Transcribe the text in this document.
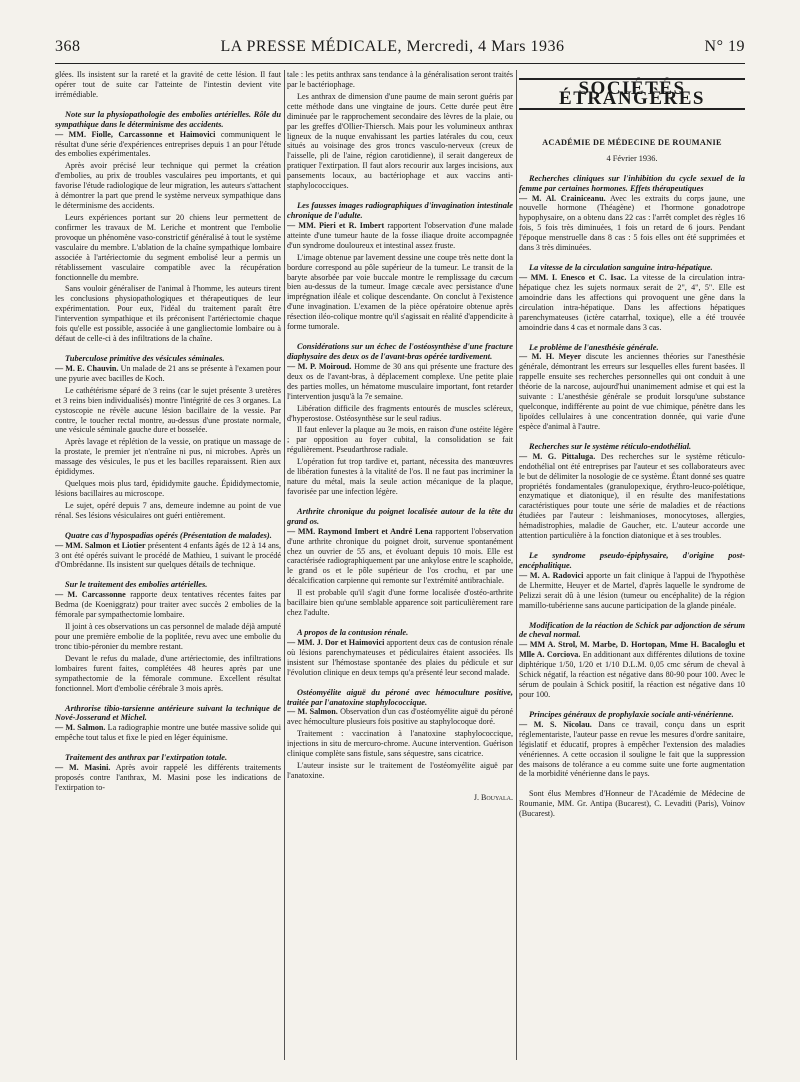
368	LA PRESSE MÉDICALE, Mercredi, 4 Mars 1936	N° 19

glées. Ils insistent sur la rareté et la gravité de cette lésion. Il faut opérer tout de suite car l'atteinte de l'intestin devient vite irrémédiable.

Note sur la physiopathologie des embolies artérielles. Rôle du sympathique dans le déterminisme des accidents.

— MM. Fiolle, Carcassonne et Haimovici communiquent le résultat d'une série d'expériences entreprises depuis 1 an pour l'étude des embolies expérimentales.

Après avoir précisé leur technique qui permet la création d'embolies, au prix de troubles vasculaires peu importants, et qui favorise l'étude radiologique de leur migration, les auteurs s'attachent à démontrer la part que prend le système nerveux sympathique dans le déterminisme des accidents.

Leurs expériences portant sur 20 chiens leur permettent de confirmer les travaux de M. Leriche et montrent que l'embolie provoque un phénomène vaso-constrictif généralisé à tout le système vasculaire du membre. L'ablation de la chaîne sympathique lombaire associée à l'artériectomie du segment embolisé leur a permis un rétablissement vasculaire compatible avec la récupération fonctionnelle du membre.

Sans vouloir généraliser de l'animal à l'homme, les auteurs tirent les conclusions physiopathologiques et thérapeutiques de leur expérimentation. Pour eux, l'idéal du traitement paraît être l'intervention sympathique et ils préconisent l'artériectomie chaque fois qu'elle est possible, associée à une gangliectomie lombaire ou à défaut de celle-ci à des infiltrations de la chaîne.

Tuberculose primitive des vésicules séminales.

— M. E. Chauvin. Un malade de 21 ans se présente à l'examen pour une pyurie avec bacilles de Koch.

Le cathétérisme séparé de 3 reins (car le sujet présente 3 uretères et 3 reins bien individualisés) montre l'intégrité de ces 3 organes. La cystoscopie ne révèle aucune lésion bacillaire de la vessie. Par contre, le toucher rectal montre, au-dessus d'une prostate normale, une vésicule séminale gauche dure et bosselée.

Après lavage et réplétion de la vessie, on pratique un massage de la prostate, le premier jet n'entraîne ni pus, ni microbes. Après un massage des vésicules, le pus et les bacilles reparaissent. Rien aux épididymes.

Quelques mois plus tard, épididymite gauche. Épididymectomie, lésions bacillaires au microscope.

Le sujet, opéré depuis 7 ans, demeure indemne au point de vue rénal. Ses lésions vésiculaires ont guéri entièrement.

Quatre cas d'hypospadias opérés (Présentation de malades).

— MM. Salmon et Liotier présentent 4 enfants âgés de 12 à 14 ans, 3 ont été opérés suivant le procédé de Mathieu, 1 suivant le procédé d'Ombrédanne. Ils insistent sur quelques détails de technique.

Sur le traitement des embolies artérielles.

— M. Carcassonne rapporte deux tentatives récentes faites par Bedrna (de Koeniggratz) pour traiter avec succès 2 embolies de la fémorale par sympathectomie lombaire.

Il joint à ces observations un cas personnel de malade déjà amputé pour une première embolie de la poplitée, revu avec une embolie du tronc tibio-péronier du membre restant.

Devant le refus du malade, d'une artériectomie, des infiltrations lombaires furent faites, complétées 48 heures après par une sympathectomie de la fémorale commune. Excellent résultat fonctionnel. Mort d'embolie cérébrale 3 mois après.

Arthrorise tibio-tarsienne antérieure suivant la technique de Nové-Josserand et Michel.

— M. Salmon. La radiographie montre une butée massive solide qui empêche tout talus et fixe le pied en léger équinisme.

Traitement des anthrax par l'extirpation totale.

— M. Masini. Après avoir rappelé les différents traitements proposés contre l'anthrax, M. Masini pose les indications de l'extirpation to-

tale : les petits anthrax sans tendance à la généralisation seront traités par le bactériophage.

Les anthrax de dimension d'une paume de main seront guéris par cette méthode dans une vingtaine de jours. Cette durée peut être diminuée par le rapprochement secondaire des lèvres de la plaie, ou par les greffes d'Ollier-Thiersch. Mais pour les volumineux anthrax ligneux de la nuque envahissant les parties latérales du cou, ceux situés au voisinage des gros troncs vasculo-nerveux (creux de l'aisselle, pli de l'aine, région carotidienne), il serait dangereux de pratiquer l'extirpation. Il faut alors recourir aux larges incisions, aux pansements locaux, au bactériophage et aux vaccins anti-staphylococciques.

Les fausses images radiographiques d'invagination intestinale chronique de l'adulte.

— MM. Pieri et R. Imbert rapportent l'observation d'une malade atteinte d'une tumeur haute de la fosse iliaque droite accompagnée d'un syndrome douloureux et intestinal assez fruste.

L'image obtenue par lavement dessine une coupe très nette dont la bordure correspond au pôle supérieur de la tumeur. Le transit de la baryte absorbée par voie buccale montre le remplissage du cæcum bien au-dessus de la tumeur. Image cæcale avec persistance d'une imprégnation iléale et colique descendante. On conclut à l'existence d'une invagination. L'examen de la pièce opératoire obtenue après résection iléo-colique montre qu'il s'agissait en réalité d'appendicite à forme tumorale.

Considérations sur un échec de l'ostéosynthèse d'une fracture diaphysaire des deux os de l'avant-bras opérée tardivement.

— M. P. Moiroud. Homme de 30 ans qui présente une fracture des deux os de l'avant-bras, à déplacement complexe. Une petite plaie des parties molles, un hématome musculaire important, font retarder l'intervention jusqu'à la 7e semaine.

Libération difficile des fragments entourés de muscles scléreux, d'hyperostose. Ostéosynthèse sur le seul radius.

Il faut enlever la plaque au 3e mois, en raison d'une ostéite légère ; par opposition au foyer cubital, la consolidation se fait régulièrement. Pseudarthrose radiale.

L'opération fut trop tardive et, partant, nécessita des manœuvres de libération funestes à la vitalité de l'os. Il ne faut pas incriminer la nature du métal, mais la seule action mécanique de la plaque, favorisée par une infection légère.

Arthrite chronique du poignet localisée autour de la tête du grand os.

— MM. Raymond Imbert et André Lena rapportent l'observation d'une arthrite chronique du poignet droit, survenue spontanément chez un ouvrier de 55 ans, et évoluant depuis 10 mois. Elle est caractérisée radiographiquement par une ankylose entre le scaphoïde, le grand os et le pôle supérieur de l'os crochu, et par une décalcification carpienne qui remonte sur l'extrémité antibrachiale.

Il est probable qu'il s'agit d'une forme localisée d'ostéo-arthrite bacillaire bien qu'une semblable apparence soit particulièrement rare chez l'adulte.

A propos de la contusion rénale.

— MM. J. Dor et Haimovici apportent deux cas de contusion rénale où lésions parenchymateuses et pédiculaires étaient associées. Ils insistent sur l'hémostase spontanée des plaies du pédicule et sur l'évolution clinique en deux temps qu'a présenté leur second malade.

Ostéomyélite aiguë du péroné avec hémoculture positive, traitée par l'anatoxine staphylococcique.

— M. Salmon. Observation d'un cas d'ostéomyélite aiguë du péroné avec hémoculture plusieurs fois positive au staphylocoque doré.

Traitement : vaccination à l'anatoxine staphylococcique, injections in situ de mercuro-chrome. Aucune intervention. Guérison clinique complète sans fistule, sans séquestre, sans cicatrice.

L'auteur insiste sur le traitement de l'ostéomyélite aiguë par l'anatoxine.

J. Bouyala.
SOCIÉTÉS ÉTRANGÈRES
ACADÉMIE DE MÉDECINE DE ROUMANIE
4 Février 1936.
Recherches cliniques sur l'inhibition du cycle sexuel de la femme par certaines hormones. Effets thérapeutiques

— M. Al. Crainiceanu. Avec les extraits du corps jaune, une nouvelle hormone (Théagène) et l'hormone gonadotrope hypophysaire, on a obtenu dans 22 cas : l'arrêt complet des règles 16 fois, 5 fois très diminuées, 1 fois un retard de 6 jours. Pendant l'époque menstruelle dans 8 cas : 5 fois elles ont été supprimées et dans 3 très diminuées.

La vitesse de la circulation sanguine intra-hépatique.

— MM. I. Enesco et C. Isac. La vitesse de la circulation intra-hépatique chez les sujets normaux serait de 2", 4", 5". Elle est amoindrie dans les affections qui provoquent une gêne dans la circulation intra-hépatique. Dans les affections hépatiques parenchymateuses (ictère catarrhal, toxique), elle a été trouvée amoindrie dans 4 cas et normale dans 3 cas.

Le problème de l'anesthésie générale.

— M. H. Meyer discute les anciennes théories sur l'anesthésie générale, démontrant les erreurs sur lesquelles elles furent basées. Il rappelle ensuite ses recherches personnelles qui ont conduit à une théorie de la narcose, aujourd'hui unanimement admise et qui est la suivante : L'anesthésie générale se produit lorsqu'une substance quelconque, indifférente au point de vue chimique, pénètre dans les lipoïdes cellulaires à une concentration donnée, qui varie d'une espèce d'animal à l'autre.

Recherches sur le système réticulo-endothélial.

— M. G. Pittaluga. Des recherches sur le système réticulo-endothélial ont été entreprises par l'auteur et ses collaborateurs avec le but de délimiter la nosologie de ce système. Étant donné ses quatre propriétés fondamentales (granulopexique, érythro-leuco-poïétique, enzymatique et diatonique), il en résulte des manifestations caractéristiques pour toute une série de maladies et de réactions étudiées par l'auteur : leishmanioses, monocytoses, allergies, hémadistrophies, maladie de Gaucher, etc. L'auteur accorde une attention particulière à la fonction diatonique et à ses troubles.

Le syndrome pseudo-épiphysaire, d'origine post-encéphalitique.

— M. A. Radovici apporte un fait clinique à l'appui de l'hypothèse de Lhermitte, Heuyer et de Martel, d'après laquelle le syndrome de Pelizzi serait dû à une lésion (tumeur ou encéphalite) de la région mamillo-tubérienne sans aucune participation de la glande pinéale.

Modification de la réaction de Schick par adjonction de sérum de cheval normal.

— MM A. Strol, M. Marbe, D. Hortopan, Mme H. Bacaloglu et Mlle A. Corciova. En additionant aux différentes dilutions de toxine diphtérique 1/50, 1/20 et 1/10 D.L.M. 0,05 cmc sérum de cheval à Schick négatif, la réaction est négative dans 80-90 pour 100. Avec le sérum de poulain à Schick positif, la réaction est négative dans 10 pour 100.

Principes généraux de prophylaxie sociale anti-vénérienne.

— M. S. Nicolau. Dans ce travail, conçu dans un esprit réglementariste, l'auteur passe en revue les mesures d'ordre sanitaire, législatif et éducatif, propres à empêcher l'extension des maladies vénériennes. A cette occasion il souligne le fait que la suppression des maisons de tolérance a eu comme suite une forte augmentation de la morbidité vénérienne dans le pays.

Sont élus Membres d'Honneur de l'Académie de Médecine de Roumanie, MM. Gr. Antipa (Bucarest), C. Levaditi (Paris), Voinov (Bucarest).
